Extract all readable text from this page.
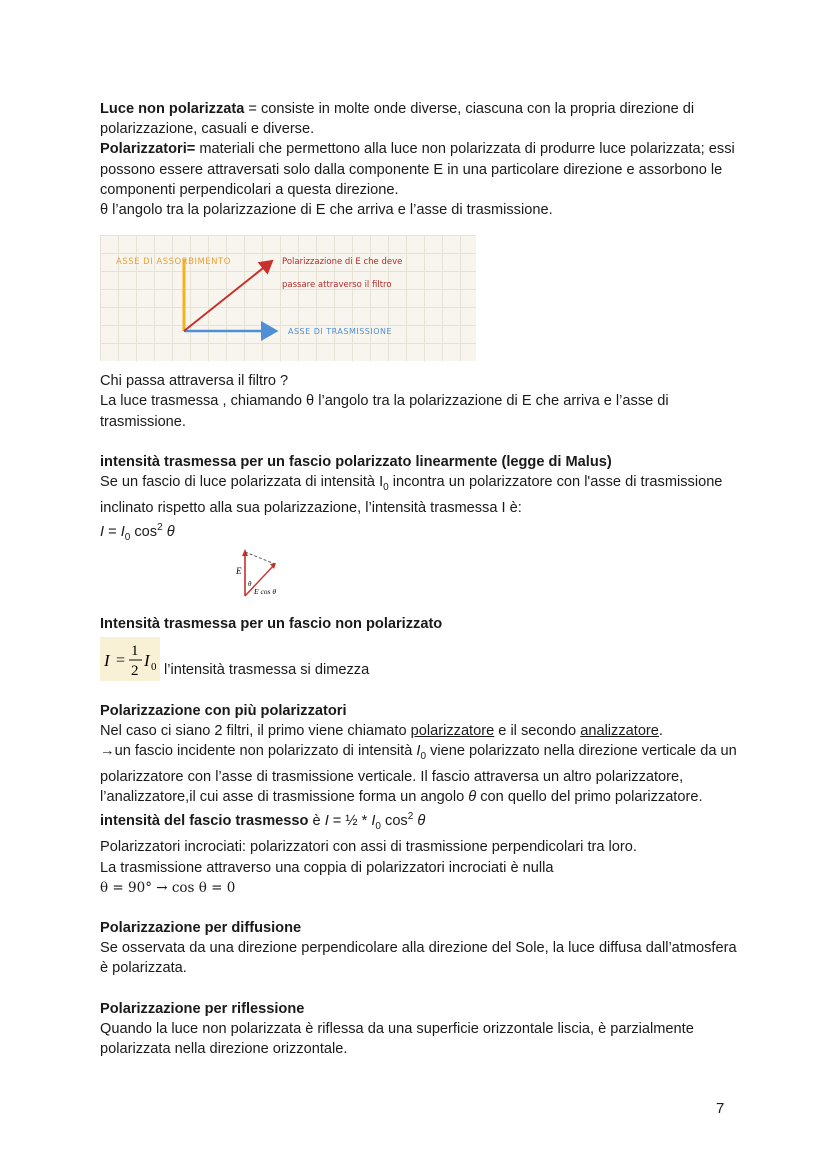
Luce non polarizzata = consiste in molte onde diverse, ciascuna con la propria direzione di polarizzazione, casuali e diverse.

Polarizzatori= materiali che permettono alla luce non polarizzata di produrre luce polarizzata; essi possono essere attraversati solo dalla componente E in una particolare direzione e assorbono le componenti perpendicolari a questa direzione.

θ l’angolo tra la polarizzazione di E che arriva e l’asse di trasmissione.

ASSE DI ASSORBIMENTO	Polarizzazione di E che deve
passare attraverso il filtro
ASSE DI TRASMISSIONE

Chi passa attraversa il filtro ?

La luce trasmessa , chiamando θ l’angolo tra la polarizzazione di E che arriva e l’asse di trasmissione.

intensità trasmessa per un fascio polarizzato linearmente (legge di Malus)

Se un fascio di luce polarizzata di intensità $I_0$ incontra un polarizzatore con l'asse di trasmissione inclinato rispetto alla sua polarizzazione, l’intensità trasmessa I è:

$I = I_0$ $\cos^2 \theta$

E
θ
E cos θ

Intensità trasmessa per un fascio non polarizzato

I =
1
2
I 0 l’intensità trasmessa si dimezza

Polarizzazione con più polarizzatori

Nel caso ci siano 2 filtri, il primo viene chiamato polarizzatore e il secondo analizzatore.

→un fascio incidente non polarizzato di intensità $I_0$ viene polarizzato nella direzione verticale da un polarizzatore con l’asse di trasmissione verticale. Il fascio attraversa un altro polarizzatore, l’analizzatore,il cui asse di trasmissione forma un angolo θ con quello del primo polarizzatore.

intensità del fascio trasmesso è I = ½ * $I_0$ $\cos^2 \theta$

Polarizzatori incrociati: polarizzatori con assi di trasmissione perpendicolari tra loro.

La trasmissione attraverso una coppia di polarizzatori incrociati è nulla

θ = 90° → cos θ = 0

Polarizzazione per diffusione

Se osservata da una direzione perpendicolare alla direzione del Sole, la luce diffusa dall’atmosfera è polarizzata.

Polarizzazione per riflessione

Quando la luce non polarizzata è riflessa da una superficie orizzontale liscia, è parzialmente polarizzata nella direzione orizzontale.

7
